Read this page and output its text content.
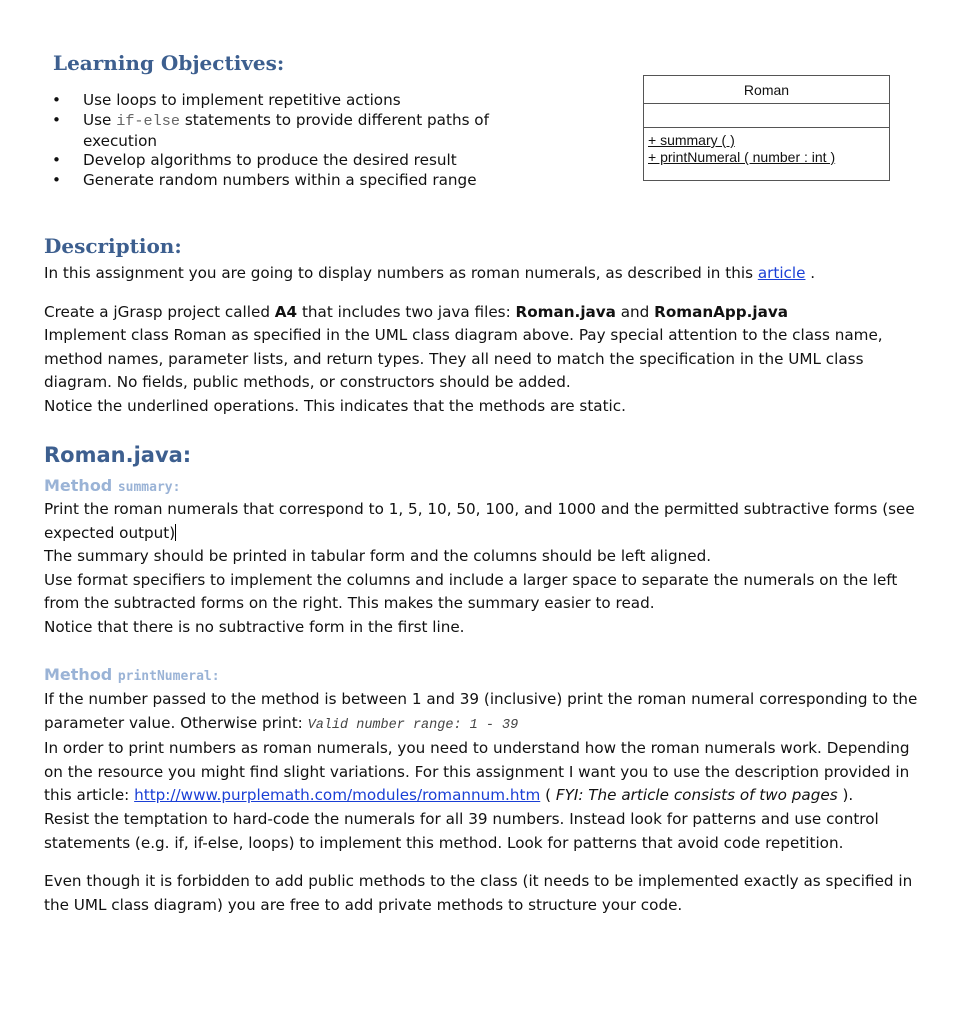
Learning Objectives:
• Use loops to implement repetitive actions
• Use if-else statements to provide different paths of execution
• Develop algorithms to produce the desired result
• Generate random numbers within a specified range
Roman
+ summary ( )
+ printNumeral ( number : int )
Description:

In this assignment you are going to display numbers as roman numerals, as described in this article .

Create a jGrasp project called A4 that includes two java files: Roman.java and RomanApp.java

Implement class Roman as specified in the UML class diagram above. Pay special attention to the class name, method names, parameter lists, and return types. They all need to match the specification in the UML class diagram. No fields, public methods, or constructors should be added.

Notice the underlined operations. This indicates that the methods are static.

Roman.java:
Method summary:

Print the roman numerals that correspond to 1, 5, 10, 50, 100, and 1000 and the permitted subtractive forms (see expected output)

The summary should be printed in tabular form and the columns should be left aligned.

Use format specifiers to implement the columns and include a larger space to separate the numerals on the left from the subtracted forms on the right. This makes the summary easier to read.

Notice that there is no subtractive form in the first line.

Method printNumeral:

If the number passed to the method is between 1 and 39 (inclusive) print the roman numeral corresponding to the parameter value. Otherwise print: Valid number range: 1 - 39

In order to print numbers as roman numerals, you need to understand how the roman numerals work. Depending on the resource you might find slight variations. For this assignment I want you to use the description provided in this article: http://www.purplemath.com/modules/romannum.htm ( FYI: The article consists of two pages ).

Resist the temptation to hard-code the numerals for all 39 numbers. Instead look for patterns and use control statements (e.g. if, if-else, loops) to implement this method. Look for patterns that avoid code repetition.

Even though it is forbidden to add public methods to the class (it needs to be implemented exactly as specified in the UML class diagram) you are free to add private methods to structure your code.
